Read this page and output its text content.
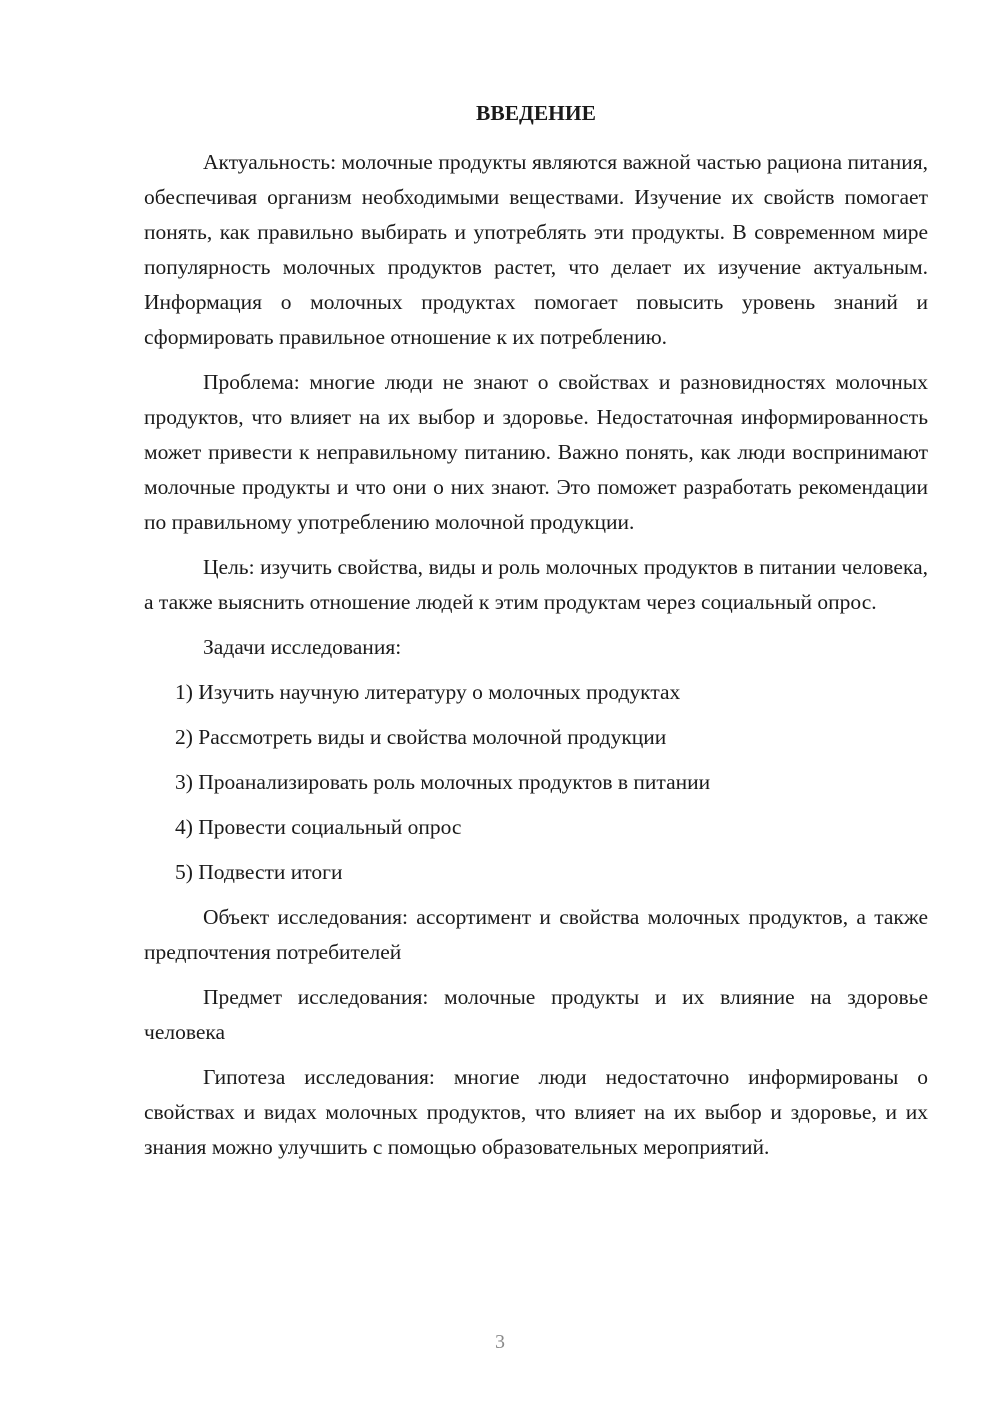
ВВЕДЕНИЕ

Актуальность: молочные продукты являются важной частью рациона питания, обеспечивая организм необходимыми веществами. Изучение их свойств помогает понять, как правильно выбирать и употреблять эти продукты. В современном мире популярность молочных продуктов растет, что делает их изучение актуальным. Информация о молочных продуктах помогает повысить уровень знаний и сформировать правильное отношение к их потреблению.

Проблема: многие люди не знают о свойствах и разновидностях молочных продуктов, что влияет на их выбор и здоровье. Недостаточная информированность может привести к неправильному питанию. Важно понять, как люди воспринимают молочные продукты и что они о них знают. Это поможет разработать рекомендации по правильному употреблению молочной продукции.

Цель: изучить свойства, виды и роль молочных продуктов в питании человека, а также выяснить отношение людей к этим продуктам через социальный опрос.

Задачи исследования:
1) Изучить научную литературу о молочных продуктах
2) Рассмотреть виды и свойства молочной продукции
3) Проанализировать роль молочных продуктов в питании
4) Провести социальный опрос
5) Подвести итоги

Объект исследования: ассортимент и свойства молочных продуктов, а также предпочтения потребителей

Предмет исследования: молочные продукты и их влияние на здоровье человека

Гипотеза исследования: многие люди недостаточно информированы о свойствах и видах молочных продуктов, что влияет на их выбор и здоровье, и их знания можно улучшить с помощью образовательных мероприятий.

3
